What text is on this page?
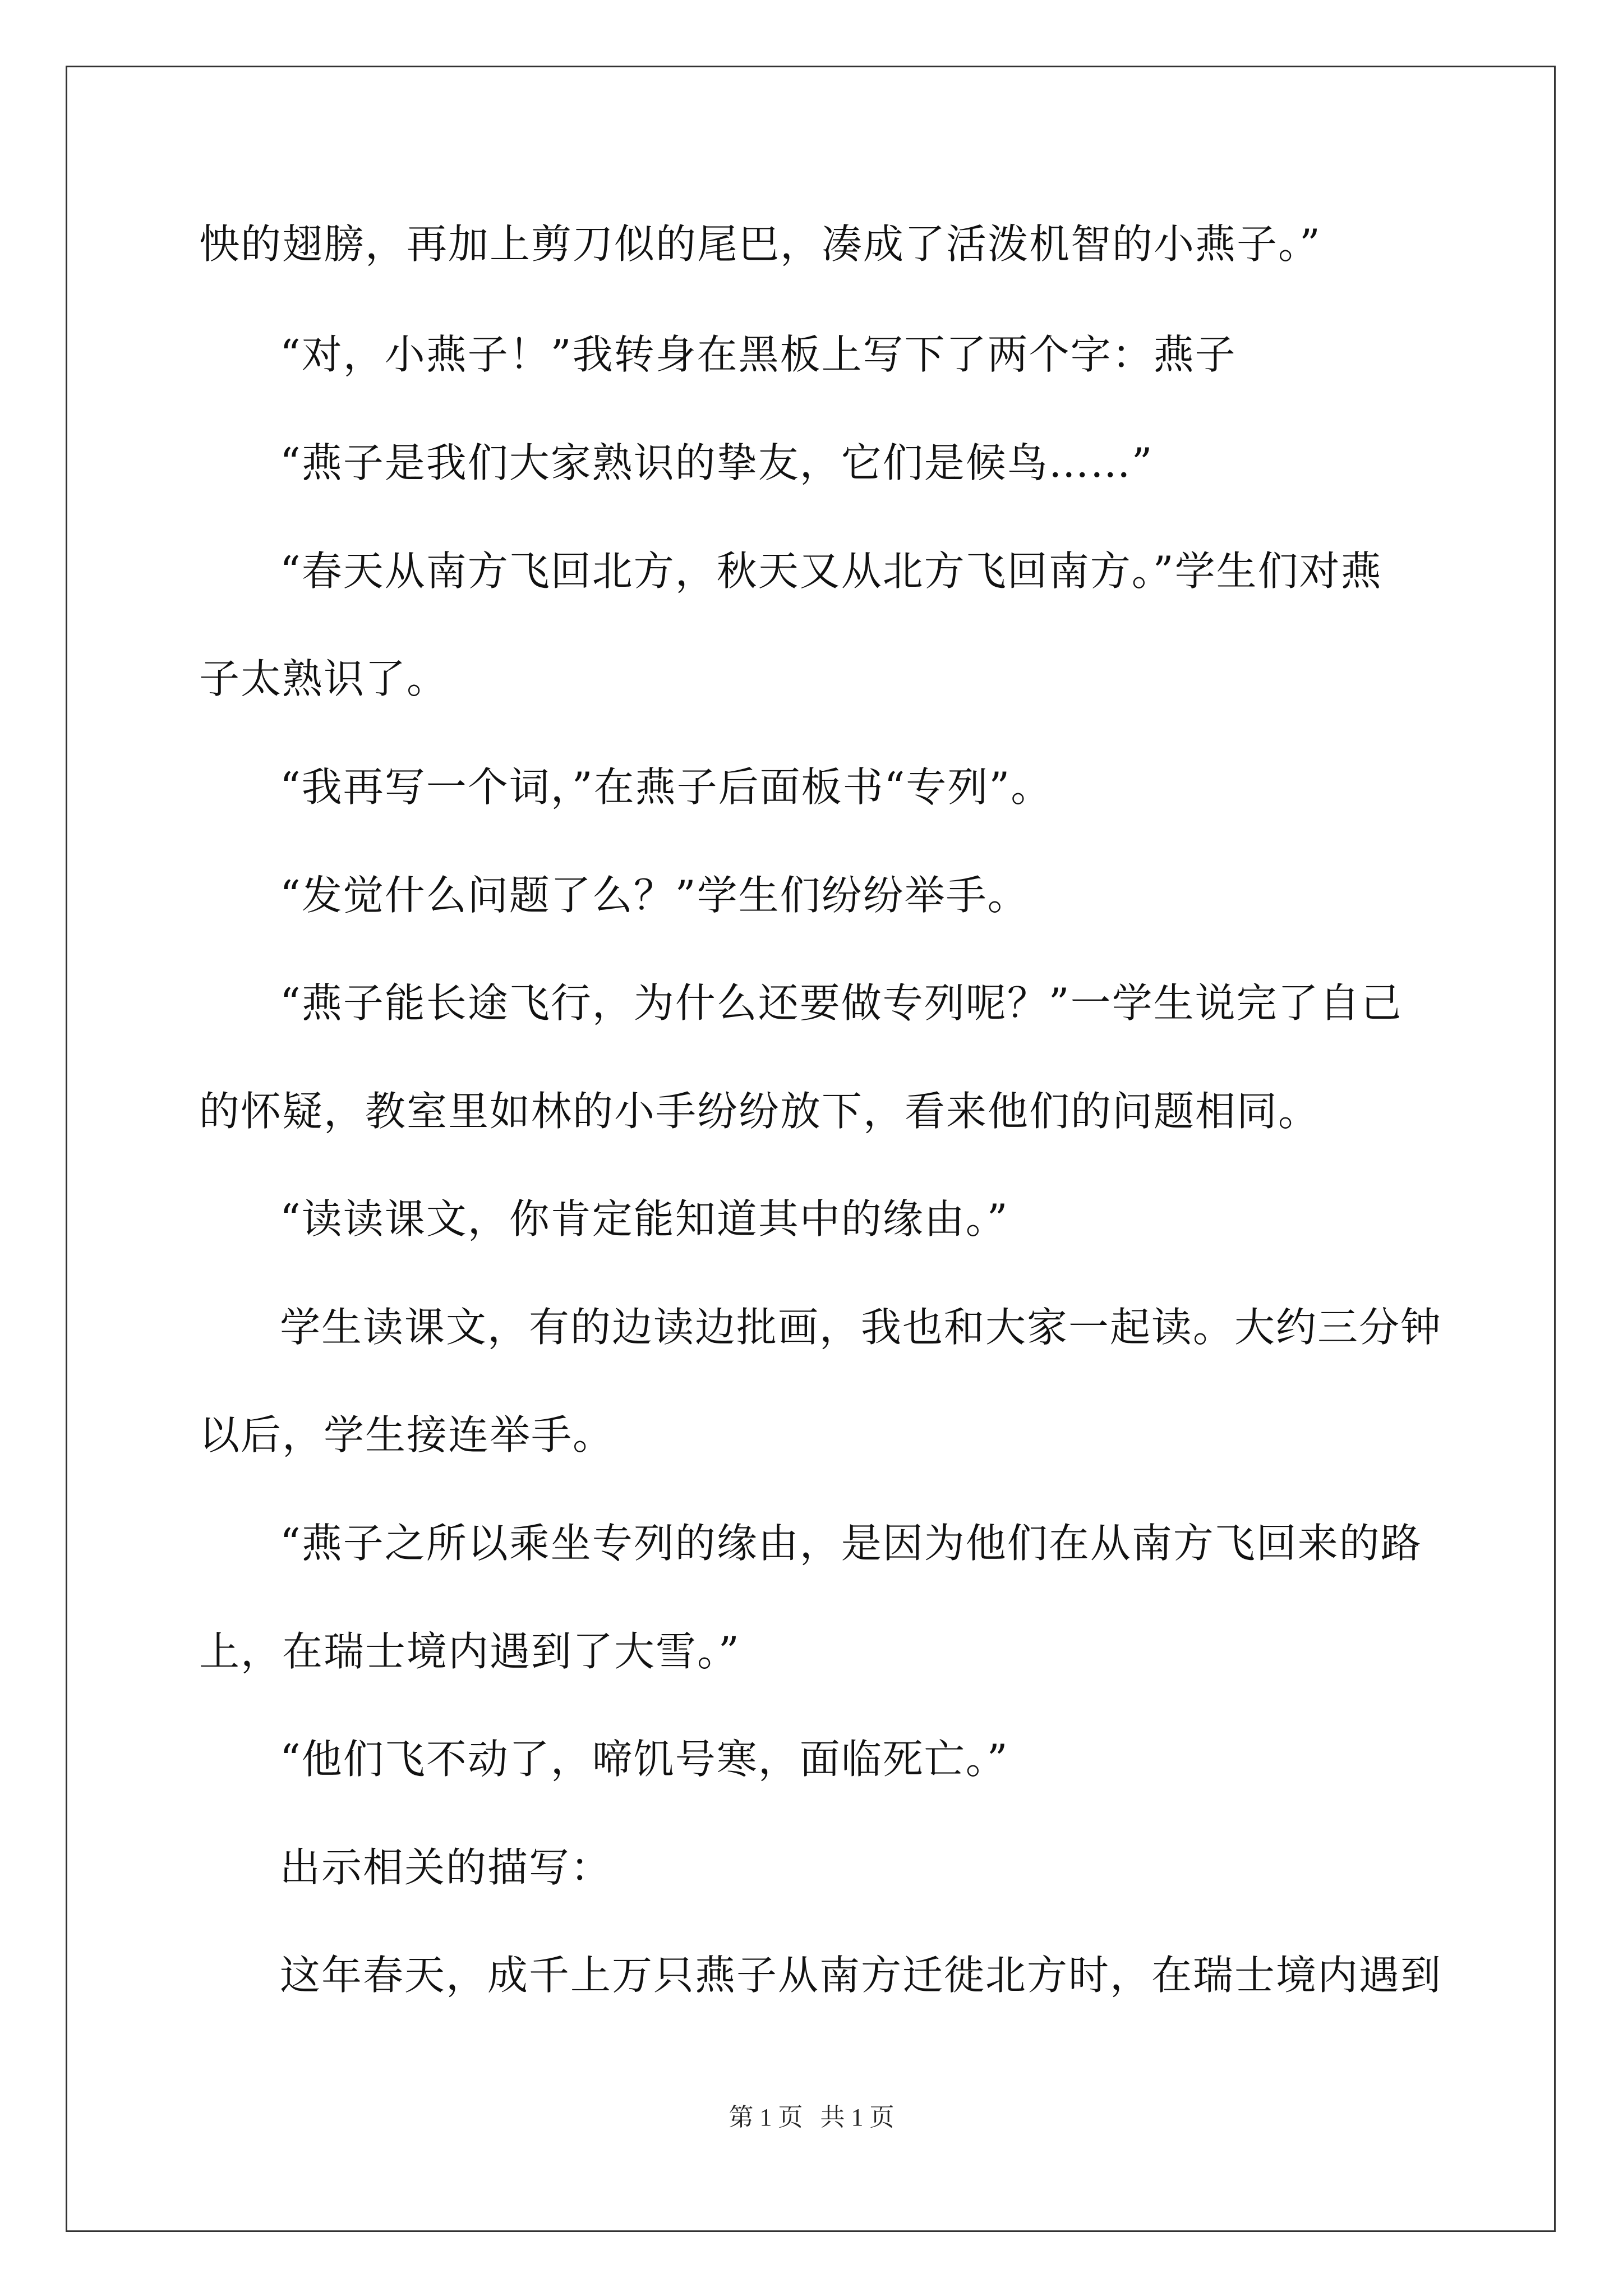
怏的翅膀，再加上剪刀似的尾巴，凑成了活泼机智的小燕子。”
“对，小燕子！”我转身在黑板上写下了两个字：燕子
“燕子是我们大家熟识的挚友，它们是候鸟……”
“春天从南方飞回北方，秋天又从北方飞回南方。”学生们对燕
子太熟识了。
“我再写一个词，”在燕子后面板书“专列”。
“发觉什么问题了么？”学生们纷纷举手。
“燕子能长途飞行，为什么还要做专列呢？”一学生说完了自己
的怀疑，教室里如林的小手纷纷放下，看来他们的问题相同。
“读读课文，你肯定能知道其中的缘由。”
学生读课文，有的边读边批画，我也和大家一起读。大约三分钟
以后，学生接连举手。
“燕子之所以乘坐专列的缘由，是因为他们在从南方飞回来的路
上，在瑞士境内遇到了大雪。”
“他们飞不动了，啼饥号寒，面临死亡。”
出示相关的描写：
这年春天，成千上万只燕子从南方迁徙北方时，在瑞士境内遇到
第 1 页 共 1 页
